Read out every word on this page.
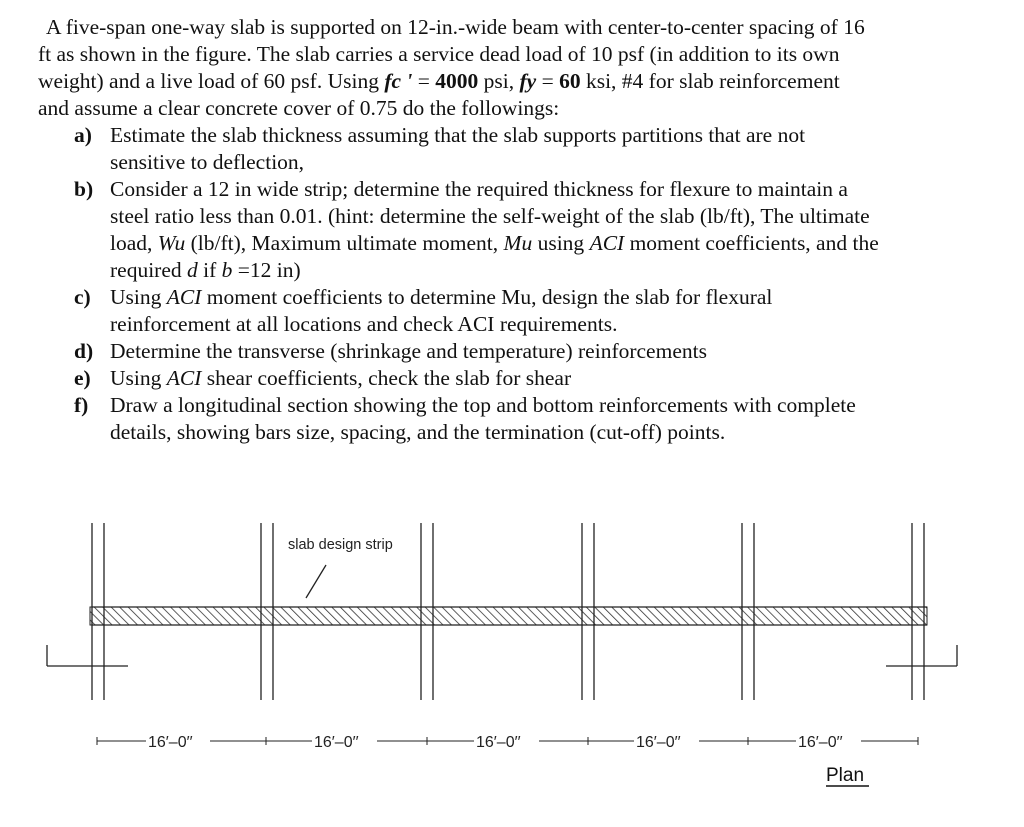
A five-span one-way slab is supported on 12-in.-wide beam with center-to-center spacing of 16
ft as shown in the figure. The slab carries a service dead load of 10 psf (in addition to its own
weight) and a live load of 60 psf. Using fc ' = 4000 psi, fy = 60 ksi, #4 for slab reinforcement
and assume a clear concrete cover of 0.75 do the followings:

a) Estimate the slab thickness assuming that the slab supports partitions that are not
sensitive to deflection,
b) Consider a 12 in wide strip; determine the required thickness for flexure to maintain a
steel ratio less than 0.01. (hint: determine the self-weight of the slab (lb/ft), The ultimate
load, Wu (lb/ft), Maximum ultimate moment, Mu using ACI moment coefficients, and the
required d if b =12 in)
c) Using ACI moment coefficients to determine Mu, design the slab for flexural
reinforcement at all locations and check ACI requirements.
d) Determine the transverse (shrinkage and temperature) reinforcements
e) Using ACI shear coefficients, check the slab for shear
f) Draw a longitudinal section showing the top and bottom reinforcements with complete
details, showing bars size, spacing, and the termination (cut-off) points.
slab design strip
16′–0′′	16′–0′′	16′–0′′	16′–0′′	16′–0′′
Plan
